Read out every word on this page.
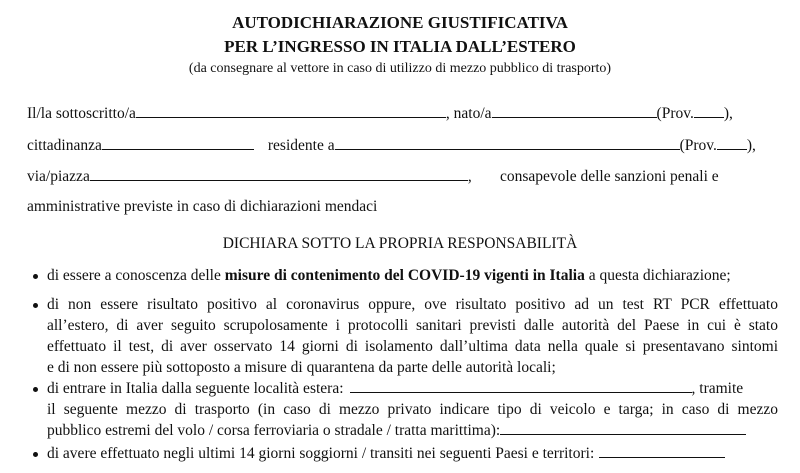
AUTODICHIARAZIONE GIUSTIFICATIVA
PER L’INGRESSO IN ITALIA DALL’ESTERO
(da consegnare al vettore in caso di utilizzo di mezzo pubblico di trasporto)
Il/la sottoscritto/a	, nato/a	(Prov. ),
cittadinanza	residente a	(Prov. ),
via/piazza	, consapevole delle sanzioni penali e
amministrative previste in caso di dichiarazioni mendaci
DICHIARA SOTTO LA PROPRIA RESPONSABILITÀ
di essere a conoscenza delle misure di contenimento del COVID-19 vigenti in Italia a questa dichiarazione;
di non essere risultato positivo al coronavirus oppure, ove risultato positivo ad un test RT PCR effettuato
all’estero, di aver seguito scrupolosamente i protocolli sanitari previsti dalle autorità del Paese in cui è stato
effettuato il test, di aver osservato 14 giorni di isolamento dall’ultima data nella quale si presentavano sintomi
e di non essere più sottoposto a misure di quarantena da parte delle autorità locali;
di entrare in Italia dalla seguente località estera:	, tramite
il seguente mezzo di trasporto (in caso di mezzo privato indicare tipo di veicolo e targa; in caso di mezzo
pubblico estremi del volo / corsa ferroviaria o stradale / tratta marittima):
di avere effettuato negli ultimi 14 giorni soggiorni / transiti nei seguenti Paesi e territori:
